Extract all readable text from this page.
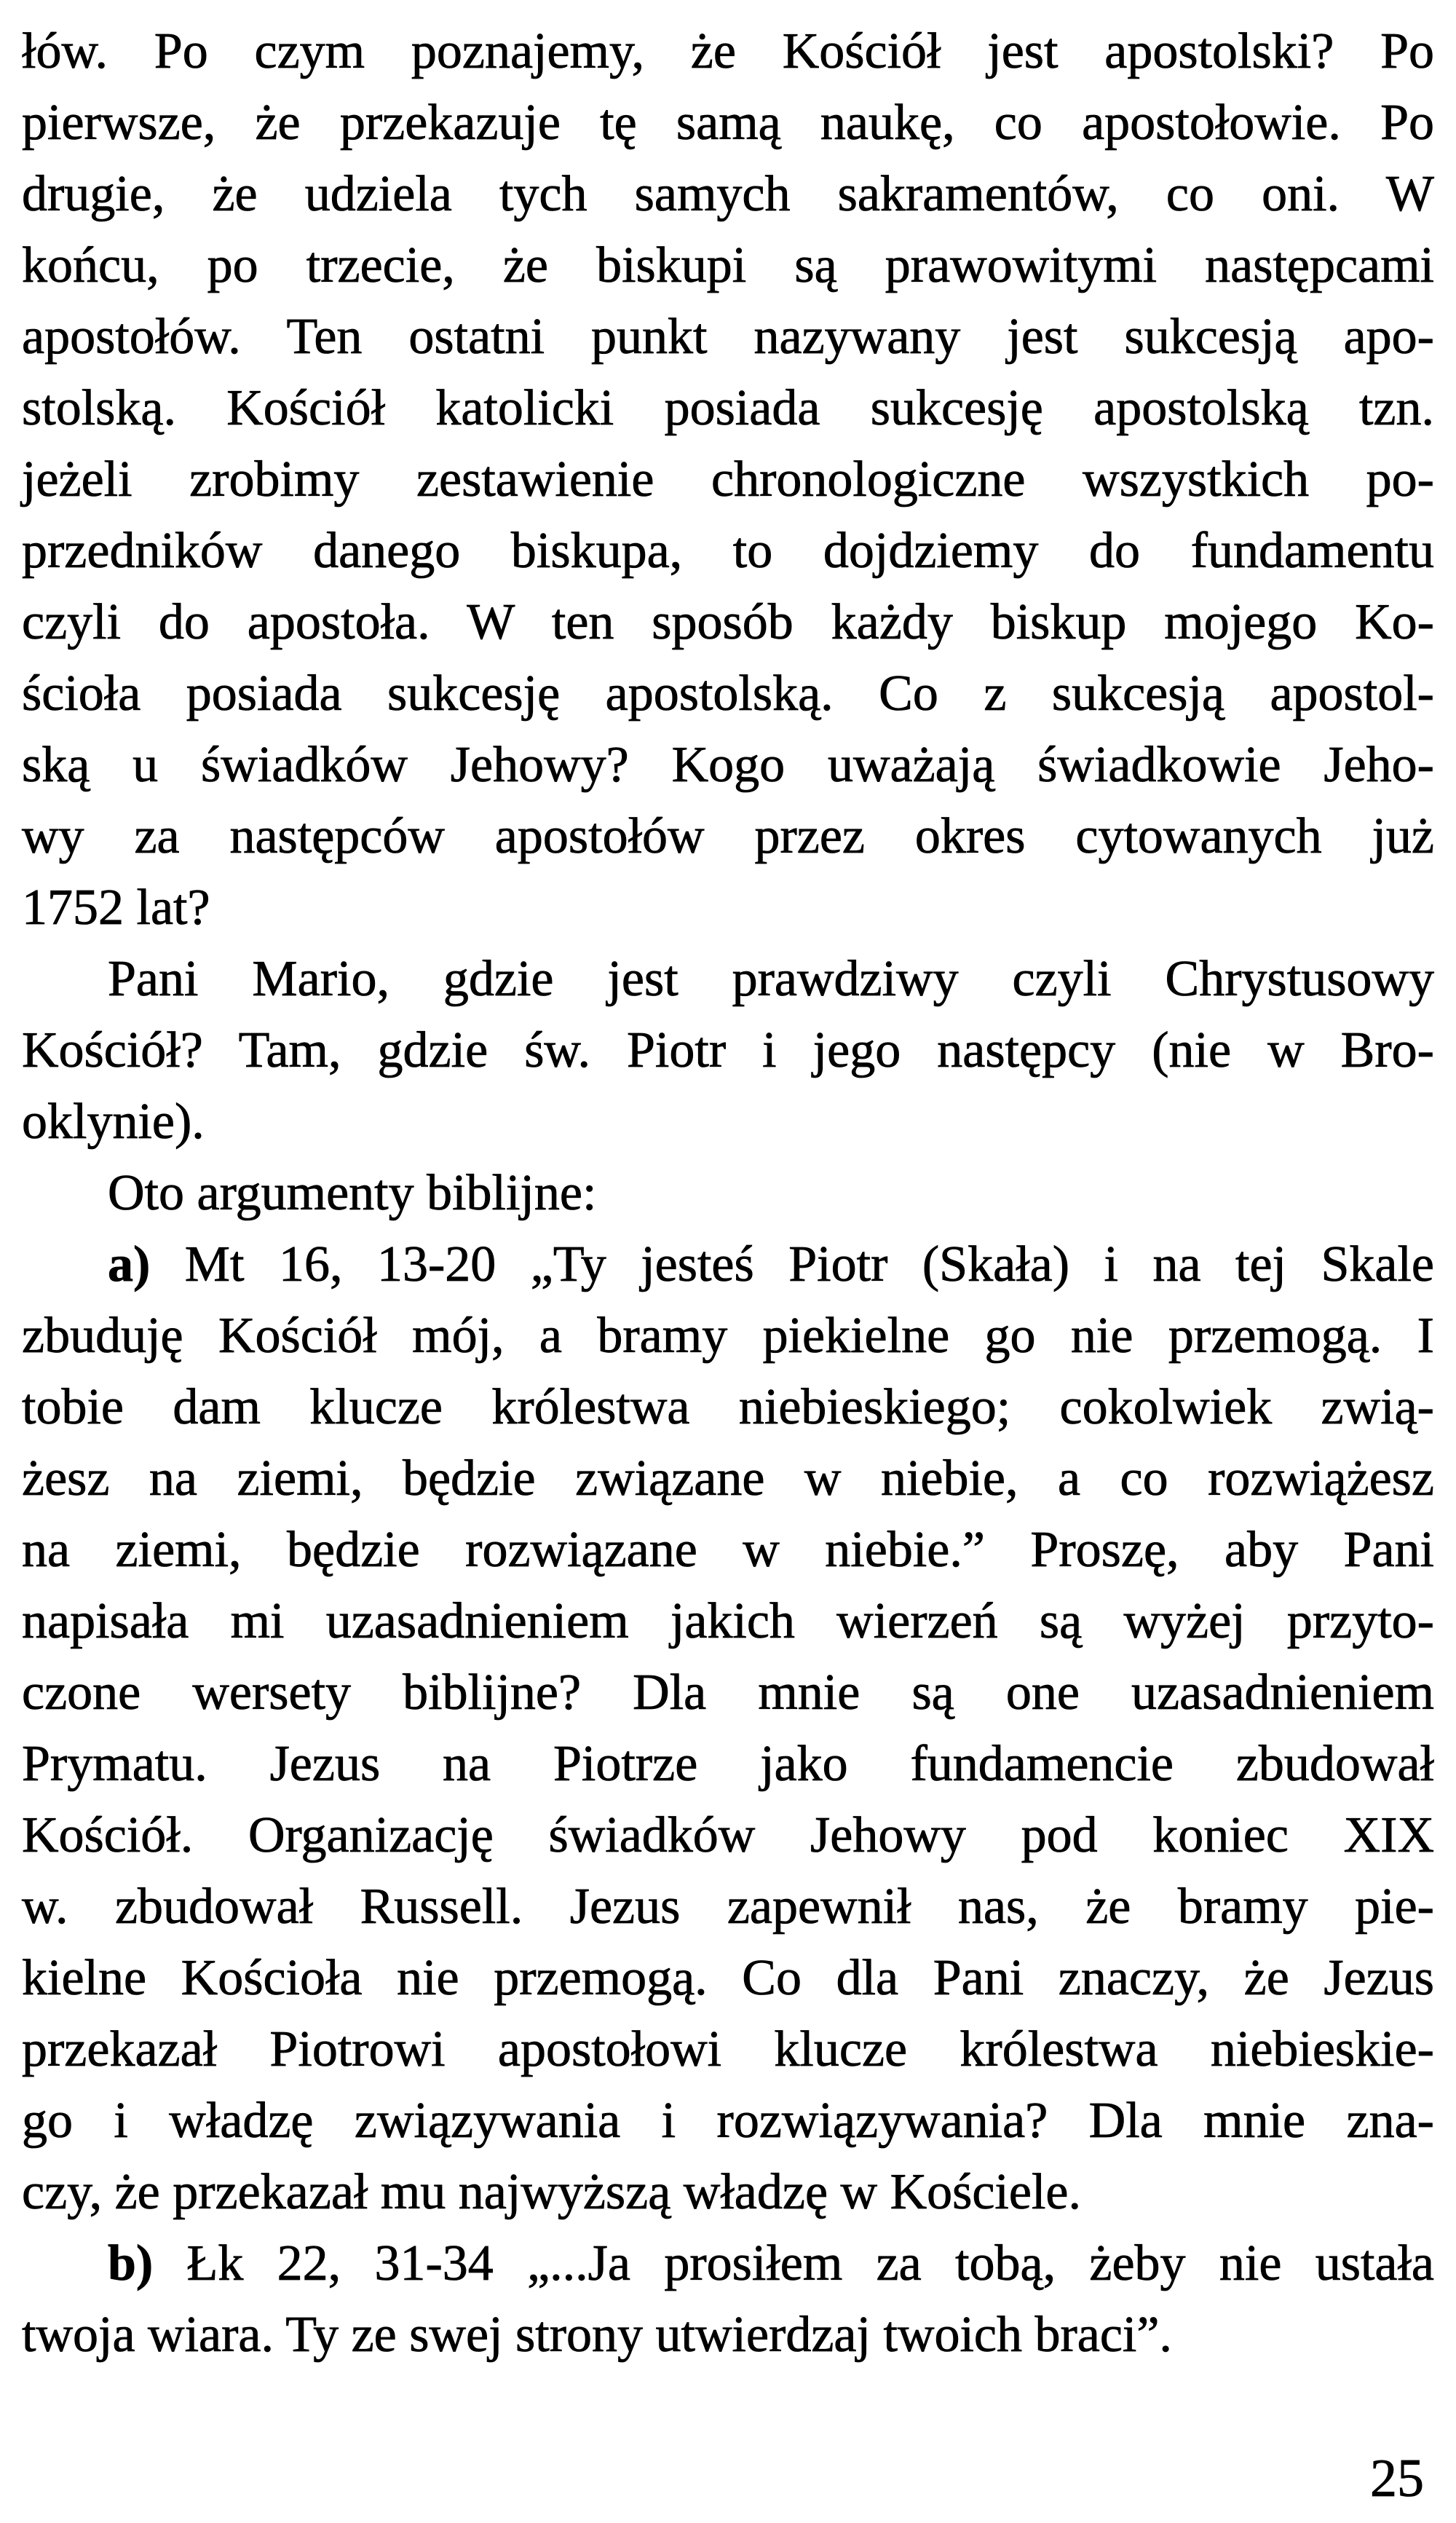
łów. Po czym poznajemy, że Kościół jest apostolski? Po
pierwsze, że przekazuje tę samą naukę, co apostołowie. Po
drugie, że udziela tych samych sakramentów, co oni. W
końcu, po trzecie, że biskupi są prawowitymi następcami
apostołów. Ten ostatni punkt nazywany jest sukcesją apo-
stolską. Kościół katolicki posiada sukcesję apostolską tzn.
jeżeli zrobimy zestawienie chronologiczne wszystkich po-
przedników danego biskupa, to dojdziemy do fundamentu
czyli do apostoła. W ten sposób każdy biskup mojego Ko-
ścioła posiada sukcesję apostolską. Co z sukcesją apostol-
ską u świadków Jehowy? Kogo uważają świadkowie Jeho-
wy za następców apostołów przez okres cytowanych już
1752 lat?
Pani Mario, gdzie jest prawdziwy czyli Chrystusowy
Kościół? Tam, gdzie św. Piotr i jego następcy (nie w Bro-
oklynie).
Oto argumenty biblijne:
a) Mt 16, 13-20 „Ty jesteś Piotr (Skała) i na tej Skale
zbuduję Kościół mój, a bramy piekielne go nie przemogą. I
tobie dam klucze królestwa niebieskiego; cokolwiek zwią-
żesz na ziemi, będzie związane w niebie, a co rozwiążesz
na ziemi, będzie rozwiązane w niebie.” Proszę, aby Pani
napisała mi uzasadnieniem jakich wierzeń są wyżej przyto-
czone wersety biblijne? Dla mnie są one uzasadnieniem
Prymatu. Jezus na Piotrze jako fundamencie zbudował
Kościół. Organizację świadków Jehowy pod koniec XIX
w. zbudował Russell. Jezus zapewnił nas, że bramy pie-
kielne Kościoła nie przemogą. Co dla Pani znaczy, że Jezus
przekazał Piotrowi apostołowi klucze królestwa niebieskie-
go i władzę związywania i rozwiązywania? Dla mnie zna-
czy, że przekazał mu najwyższą władzę w Kościele.
b) Łk 22, 31-34 „...Ja prosiłem za tobą, żeby nie ustała
twoja wiara. Ty ze swej strony utwierdzaj twoich braci”.
25
